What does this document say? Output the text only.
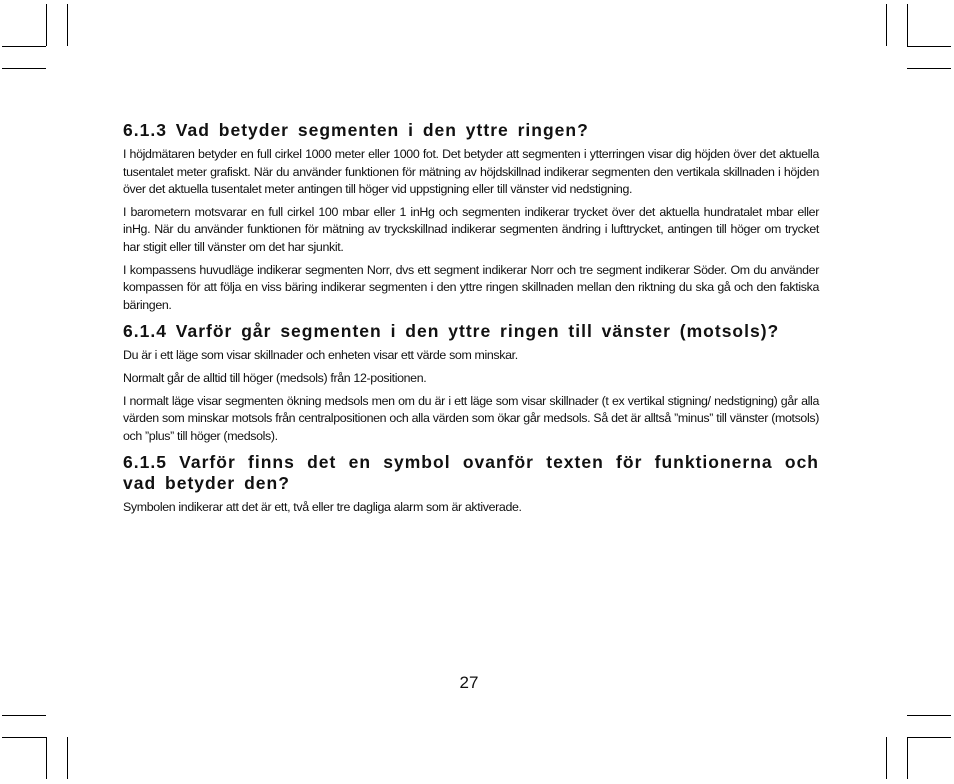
6.1.3 Vad betyder segmenten i den yttre ringen?

I höjdmätaren betyder en full cirkel 1000 meter eller 1000 fot. Det betyder att segmenten i ytterringen visar dig höjden över det aktuella tusentalet meter grafiskt. När du använder funktionen för mätning av höjdskillnad indikerar segmenten den vertikala skillnaden i höjden över det aktuella tusentalet meter antingen till höger vid uppstigning eller till vänster vid nedstigning.

I barometern motsvarar en full cirkel 100 mbar eller 1 inHg och segmenten indikerar trycket över det aktuella hundratalet mbar eller inHg. När du använder funktionen för mätning av tryckskillnad indikerar segmenten ändring i lufttrycket, antingen till höger om trycket har stigit eller till vänster om det har sjunkit.

I kompassens huvudläge indikerar segmenten Norr, dvs ett segment indikerar Norr och tre segment indikerar Söder. Om du använder kompassen för att följa en viss bäring indikerar segmenten i den yttre ringen skillnaden mellan den riktning du ska gå och den faktiska bäringen.

6.1.4 Varför går segmenten i den yttre ringen till vänster (motsols)?

Du är i ett läge som visar skillnader och enheten visar ett värde som minskar.

Normalt går de alltid till höger (medsols) från 12-positionen.

I normalt läge visar segmenten ökning medsols men om du är i ett läge som visar skillnader (t ex vertikal stigning/ nedstigning) går alla värden som minskar motsols från centralpositionen och alla värden som ökar går medsols. Så det är alltså ”minus” till vänster (motsols) och ”plus” till höger (medsols).

6.1.5 Varför finns det en symbol ovanför texten för funktionerna och vad betyder den?

Symbolen indikerar att det är ett, två eller tre dagliga alarm som är aktiverade.

27
